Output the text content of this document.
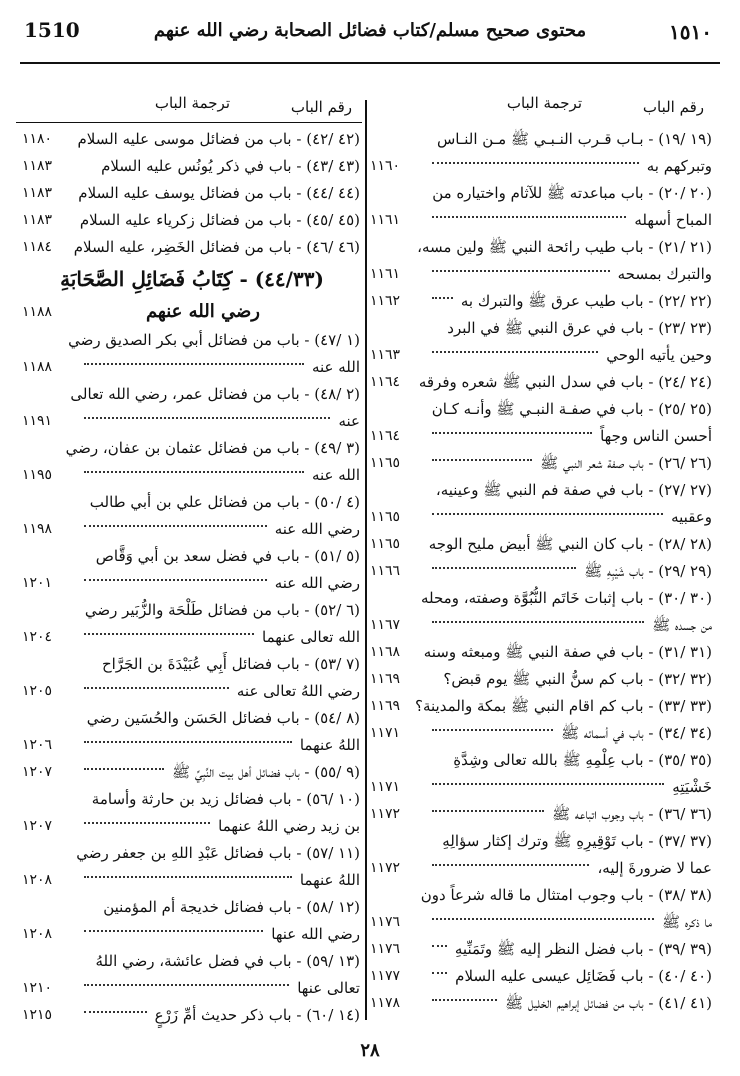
1510	محتوى صحيح مسلم/كتاب فضائل الصحابة رضي الله عنهم	١٥١٠
رقم الباب
ترجمة الباب
(١٩ /١٩) - بـاب قـرب النـبـي ﷺ مـن النـاس
وتبركهم به
١١٦٠
(٢٠ /٢٠) - باب مباعدته ﷺ للآثام واختياره من
المباح أسهله
١١٦١
(٢١ /٢١) - باب طيب رائحة النبي ﷺ ولين مسه،
والتبرك بمسحه
١١٦١
(٢٢ /٢٢) - باب طيب عرق ﷺ والتبرك به
١١٦٢
(٢٣ /٢٣) - باب في عرق النبي ﷺ في البرد
وحين يأتيه الوحي
١١٦٣
(٢٤ /٢٤) - باب في سدل النبي ﷺ شعره وفرقه
١١٦٤
(٢٥ /٢٥) - باب في صفـة النبـي ﷺ وأنـه كـان
أحسن الناس وجهاً
١١٦٤
(٢٦ /٢٦) - باب صفة شعر النبي ﷺ
١١٦٥
(٢٧ /٢٧) - باب في صفة فم النبي ﷺ وعينيه،
وعقبيه
١١٦٥
(٢٨ /٢٨) - باب كان النبي ﷺ أبيض مليح الوجه
١١٦٥
(٢٩ /٢٩) - باب شَيْبِهِ ﷺ
١١٦٦
(٣٠ /٣٠) - باب إثبات خَاتَم النُّبُوَّة وصفته، ومحله
من جسده ﷺ
١١٦٧
(٣١ /٣١) - باب في صفة النبي ﷺ ومبعثه وسنه
١١٦٨
(٣٢ /٣٢) - باب كم سنُّ النبي ﷺ يوم قبض؟
١١٦٩
(٣٣ /٣٣) - باب كم اقام النبي ﷺ بمكة والمدينة؟
١١٦٩
(٣٤ /٣٤) - باب في أسمائه ﷺ
١١٧١
(٣٥ /٣٥) - باب عِلْمِهِ ﷺ بالله تعالى وشِدَّةِ
خَشْيَتِهِ
١١٧١
(٣٦ /٣٦) - باب وجوب اتباعه ﷺ
١١٧٢
(٣٧ /٣٧) - باب تَوْقِيرِهِ ﷺ وترك إكثار سؤالِهِ
عما لا ضرورةَ إليه،
١١٧٢
(٣٨ /٣٨) - باب وجوب امتثال ما قاله شرعاً دون
ما ذكره ﷺ
١١٧٦
(٣٩ /٣٩) - باب فضل النظر إليه ﷺ وتَمَنِّيهِ
١١٧٦
(٤٠ /٤٠) - باب فَضَائِل عيسى عليه السلام
١١٧٧
(٤١ /٤١) - باب من فضائل إبراهيم الخليل ﷺ
١١٧٨
رقم الباب
ترجمة الباب
(٤٢ /٤٢) - باب من فضائل موسى عليه السلام
١١٨٠
(٤٣ /٤٣) - باب في ذكر يُونُس عليه السلام
١١٨٣
(٤٤ /٤٤) - باب من فضائل يوسف عليه السلام
١١٨٣
(٤٥ /٤٥) - باب من فضائل زكرياء عليه السلام
١١٨٣
(٤٦ /٤٦) - باب من فضائل الخَضِر، عليه السلام
١١٨٤
(٤٤/٣٣) - كِتَابُ فَضَائِلِ الصَّحَابَةِ
رضي الله عنهم
١١٨٨
(١ /٤٧) - باب من فضائل أبي بكر الصديق رضي
الله عنه
١١٨٨
(٢ /٤٨) - باب من فضائل عمر، رضي الله تعالى
عنه
١١٩١
(٣ /٤٩) - باب من فضائل عثمان بن عفان، رضي
الله عنه
١١٩٥
(٤ /٥٠) - باب من فضائل علي بن أبي طالب
رضي الله عنه
١١٩٨
(٥ /٥١) - باب في فضل سعد بن أبي وَقَّاص
رضي الله عنه
١٢٠١
(٦ /٥٢) - باب من فضائل طَلْحَة والزُّبَير رضي
الله تعالى عنهما
١٢٠٤
(٧ /٥٣) - باب فضائل أَبِي عُبَيْدَةَ بن الجَرَّاح
رضي اللهُ تعالى عنه
١٢٠٥
(٨ /٥٤) - باب فضائل الحَسَن والحُسَين رضي
اللهُ عنهما
١٢٠٦
(٩ /٥٥) - باب فضائل أهل بيت النَّبِيِّ ﷺ
١٢٠٧
(١٠ /٥٦) - باب فضائل زيد بن حارثة وأسامة
بن زيد رضي اللهُ عنهما
١٢٠٧
(١١ /٥٧) - باب فضائل عَبْدِ اللهِ بن جعفر رضي
اللهُ عنهما
١٢٠٨
(١٢ /٥٨) - باب فضائل خديجة أم المؤمنين
رضي الله عنها
١٢٠٨
(١٣ /٥٩) - باب في فضل عائشة، رضي اللهُ
تعالى عنها
١٢١٠
(١٤ /٦٠) - باب ذكر حديث أمِّ زَرْعٍ
١٢١٥
٢٨
